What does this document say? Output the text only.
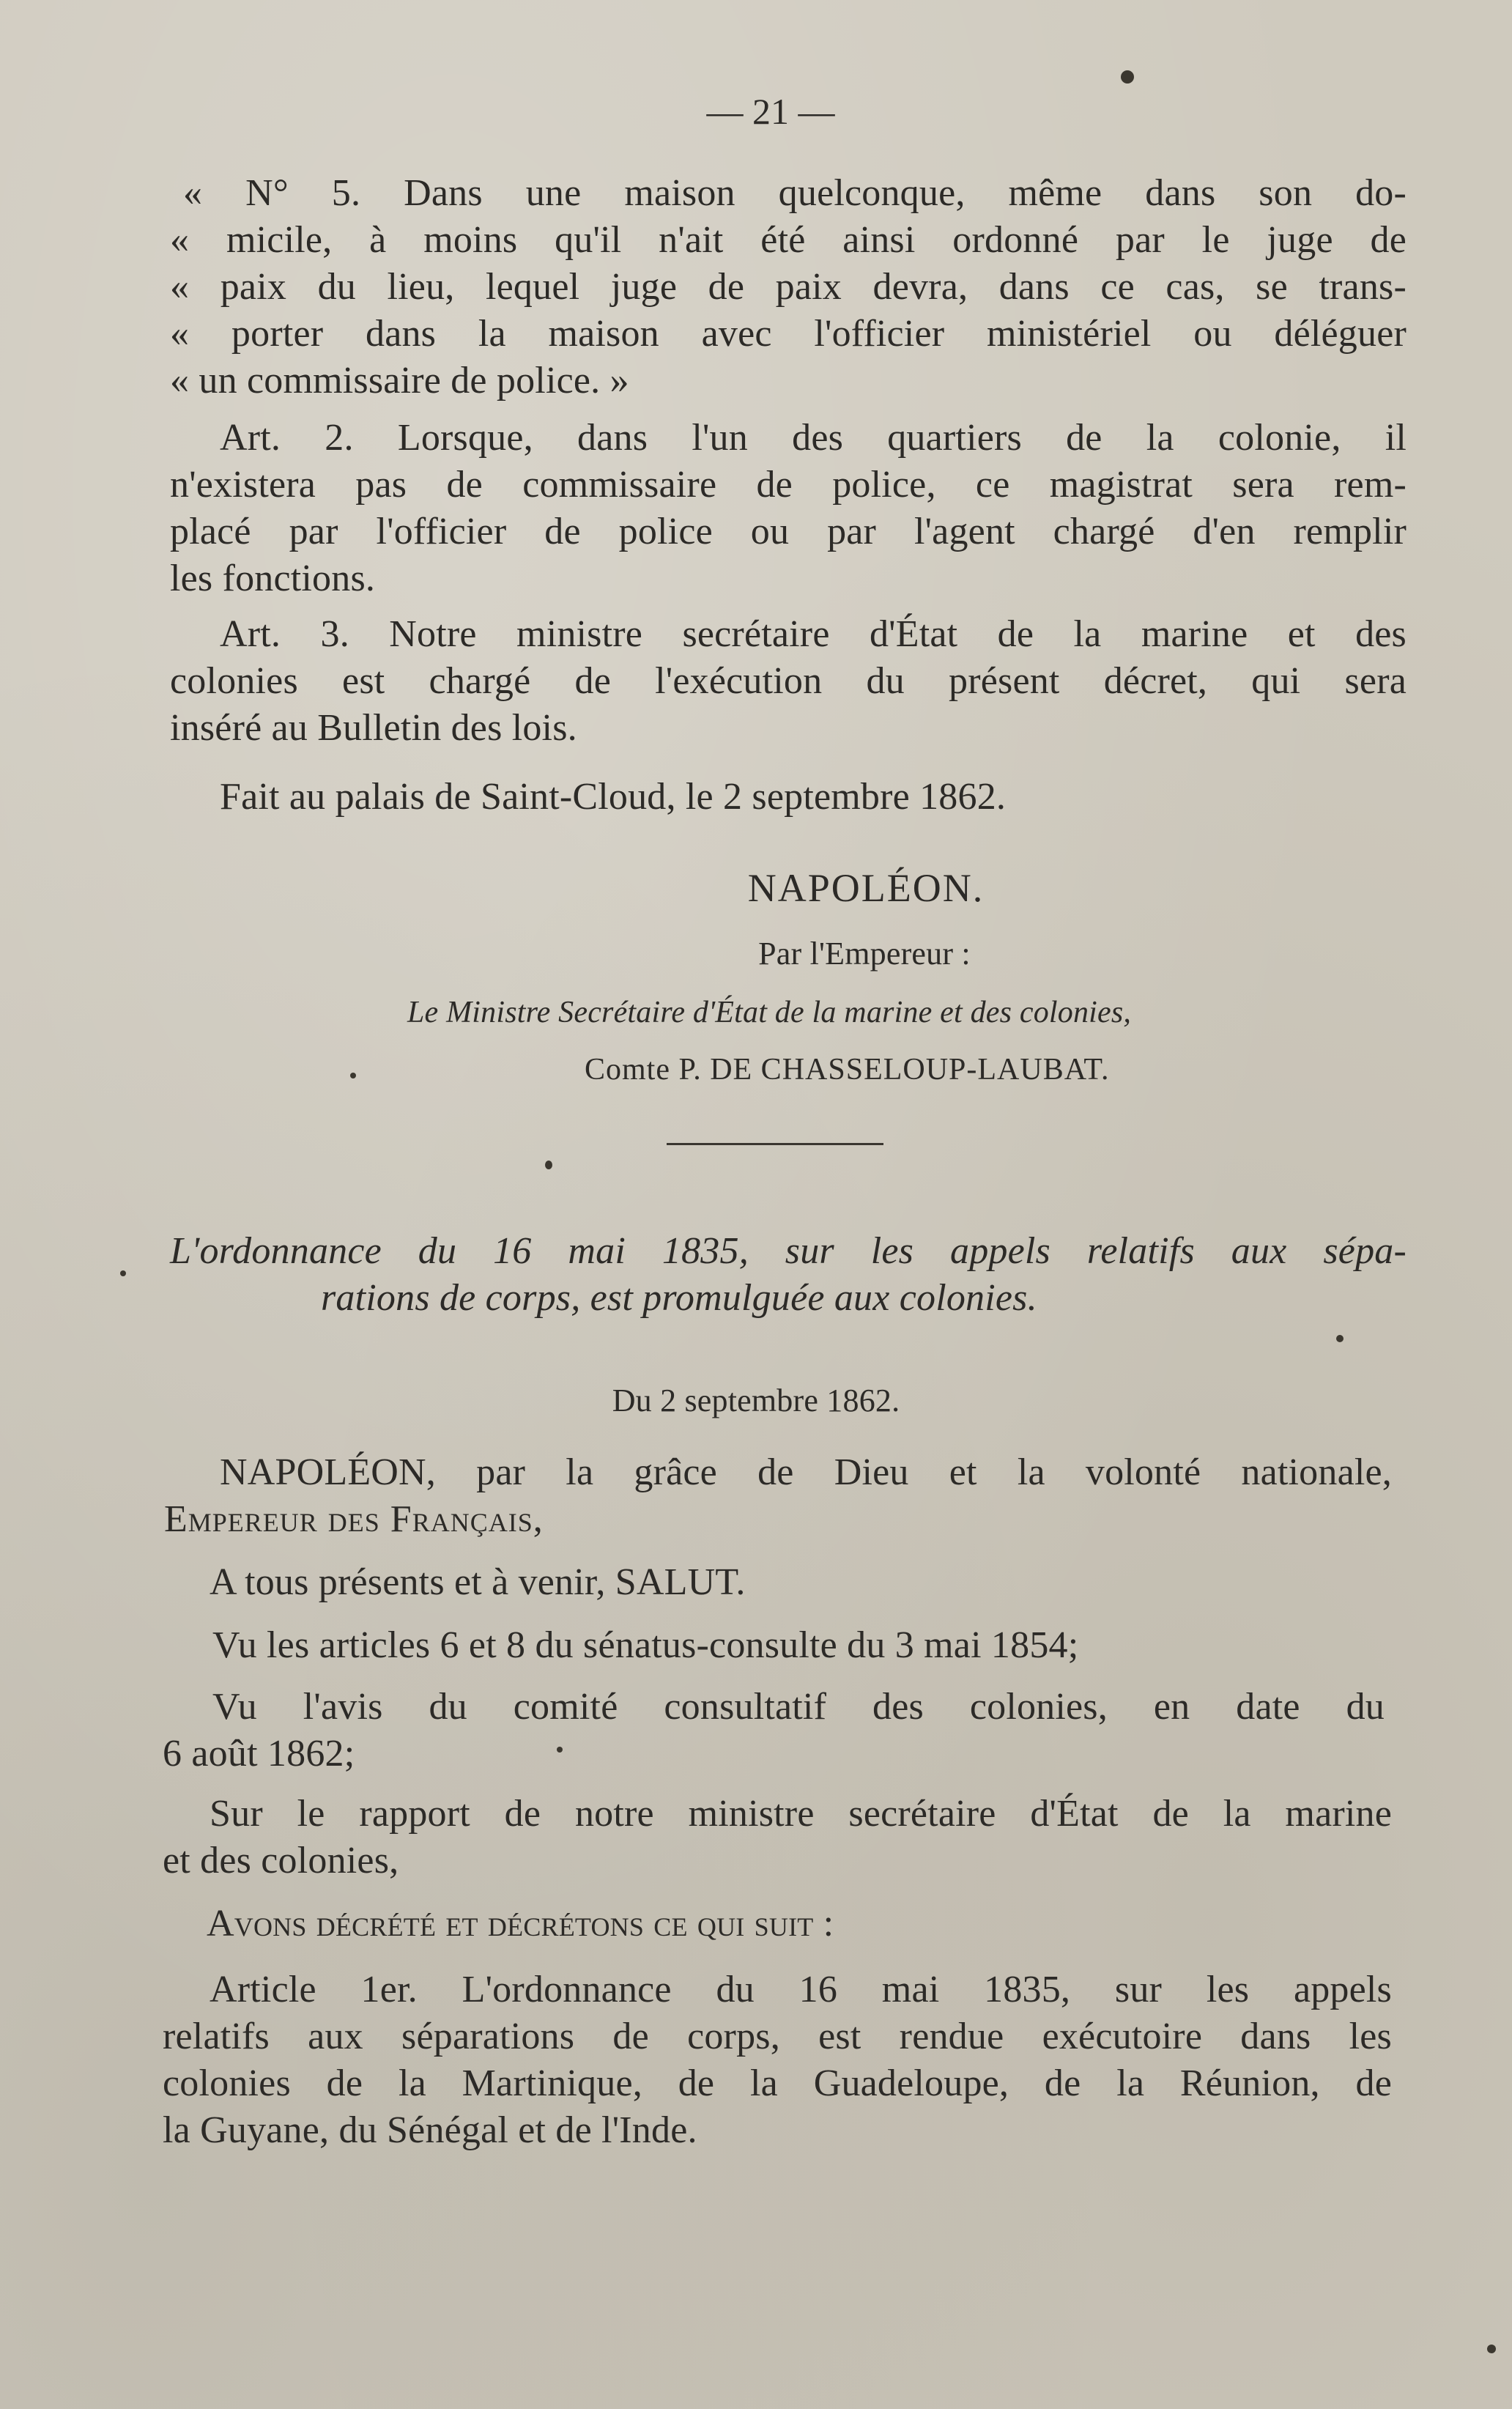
— 21 —
« N° 5. Dans une maison quelconque, même dans son do-
« micile, à moins qu'il n'ait été ainsi ordonné par le juge de
« paix du lieu, lequel juge de paix devra, dans ce cas, se trans-
« porter dans la maison avec l'officier ministériel ou déléguer
« un commissaire de police. »
Art. 2. Lorsque, dans l'un des quartiers de la colonie, il
n'existera pas de commissaire de police, ce magistrat sera rem-
placé par l'officier de police ou par l'agent chargé d'en remplir
les fonctions.
Art. 3. Notre ministre secrétaire d'État de la marine et des
colonies est chargé de l'exécution du présent décret, qui sera
inséré au Bulletin des lois.
Fait au palais de Saint-Cloud, le 2 septembre 1862.
NAPOLÉON.
Par l'Empereur :
Le Ministre Secrétaire d'État de la marine et des colonies,
Comte P. DE CHASSELOUP-LAUBAT.
L'ordonnance du 16 mai 1835, sur les appels relatifs aux sépa-
rations de corps, est promulguée aux colonies.
Du 2 septembre 1862.
NAPOLÉON, par la grâce de Dieu et la volonté nationale,
Empereur des Français,
A tous présents et à venir, SALUT.
Vu les articles 6 et 8 du sénatus-consulte du 3 mai 1854;
Vu l'avis du comité consultatif des colonies, en date du
6 août 1862;
Sur le rapport de notre ministre secrétaire d'État de la marine
et des colonies,
Avons décrété et décrétons ce qui suit :
Article 1er. L'ordonnance du 16 mai 1835, sur les appels
relatifs aux séparations de corps, est rendue exécutoire dans les
colonies de la Martinique, de la Guadeloupe, de la Réunion, de
la Guyane, du Sénégal et de l'Inde.
